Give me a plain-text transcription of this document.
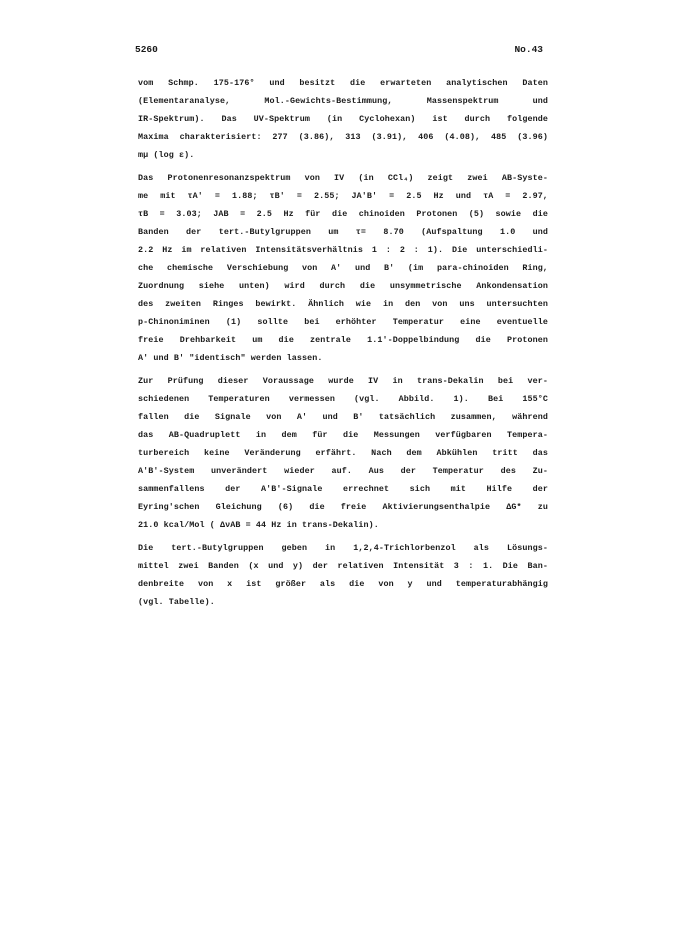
5260	No.43
vom Schmp. 175-176° und besitzt die erwarteten analytischen Daten
(Elementaranalyse, Mol.-Gewichts-Bestimmung, Massenspektrum und
IR-Spektrum). Das UV-Spektrum (in Cyclohexan) ist durch folgende
Maxima charakterisiert: 277 (3.86), 313 (3.91), 406 (4.08), 485 (3.96)
mμ (log ε).
Das Protonenresonanzspektrum von IV (in CCl₄) zeigt zwei AB-Syste-
me mit τA' = 1.88; τB' = 2.55; JA'B' = 2.5 Hz und τA = 2.97,
τB = 3.03; JAB = 2.5 Hz für die chinoiden Protonen (5) sowie die
Banden der tert.-Butylgruppen um τ= 8.70 (Aufspaltung 1.0 und
2.2 Hz im relativen Intensitätsverhältnis 1 : 2 : 1). Die unterschiedli-
che chemische Verschiebung von A' und B' (im para-chinoiden Ring,
Zuordnung siehe unten) wird durch die unsymmetrische Ankondensation
des zweiten Ringes bewirkt. Ähnlich wie in den von uns untersuchten
p-Chinoniminen (1) sollte bei erhöhter Temperatur eine eventuelle
freie Drehbarkeit um die zentrale 1.1'-Doppelbindung die Protonen
A' und B' "identisch" werden lassen.
Zur Prüfung dieser Voraussage wurde IV in trans-Dekalin bei ver-
schiedenen Temperaturen vermessen (vgl. Abbild. 1). Bei 155°C
fallen die Signale von A' und B' tatsächlich zusammen, während
das AB-Quadruplett in dem für die Messungen verfügbaren Tempera-
turbereich keine Veränderung erfährt. Nach dem Abkühlen tritt das
A'B'-System unverändert wieder auf. Aus der Temperatur des Zu-
sammenfallens der A'B'-Signale errechnet sich mit Hilfe der
Eyring'schen Gleichung (6) die freie Aktivierungsenthalpie ΔG* zu
21.0 kcal/Mol ( ΔνAB = 44 Hz in trans-Dekalin).
Die tert.-Butylgruppen geben in 1,2,4-Trichlorbenzol als Lösungs-
mittel zwei Banden (x und y) der relativen Intensität 3 : 1. Die Ban-
denbreite von x ist größer als die von y und temperaturabhängig
(vgl. Tabelle).
